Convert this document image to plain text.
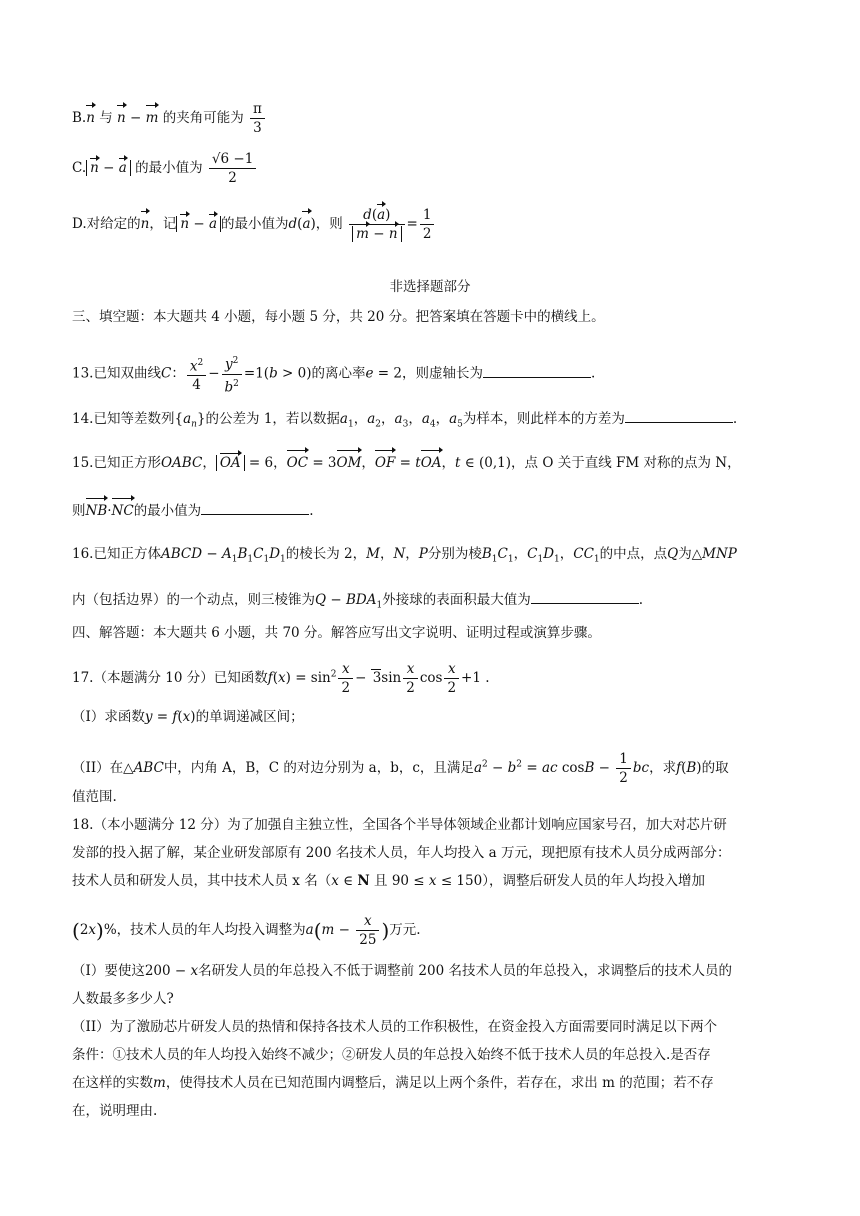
B.n 与 n − m 的夹角可能为 $\frac{\pi}{3}$
C. n − a 的最小值为 $\frac{√6 -1}{2}$
D.对给定的n，记 n − a 的最小值为d(a)，则 $\frac{d(a)}{m - n} = \frac{1}{2}$
非选择题部分
三、填空题：本大题共 4 小题，每小题 5 分，共 20 分。把答案填在答题卡中的横线上。
13.已知双曲线C： $\frac{x^2}{4} - \frac{y^2}{b^2} =1(b > 0)$的离心率e = 2，则虚轴长为	.
14.已知等差数列$\{a_n\}$的公差为 1，若以数据$a_1$，$a_2$，$a_3$，$a_4$，$a_5$为样本，则此样本的方差为	.
15.已知正方形OABC， OA = 6，OC = 3OM，OF = tOA，t ∈ (0,1)，点 O 关于直线 FM 对称的点为 N，
则NB·NC的最小值为	.
16.已知正方体ABCD − $A_1B_1C_1D_1$的棱长为 2，M，N，P分别为棱$B_1C_1$，$C_1D_1$，$CC_1$的中点，点Q为△MNP
内（包括边界）的一个动点，则三棱锥为$Q - BDA_1$外接球的表面积最大值为	.
四、解答题：本大题共 6 小题，共 70 分。解答应写出文字说明、证明过程或演算步骤。
17.（本题满分 10 分）已知函数$f(x) = \sin^2 \frac{x}{2} - 3\sin \frac{x}{2}$ $\cos \frac{x}{2} +1$ .
（I）求函数y = f(x)的单调递减区间；
（II）在△ABC中，内角 A，B，C 的对边分别为 a，b，c，且满足$a^2 - b^2$ = ac $\cos B - \frac{1}{2}$ bc，求f(B)的取
值范围.
18.（本小题满分 12 分）为了加强自主独立性，全国各个半导体领域企业都计划响应国家号召，加大对芯片研
发部的投入据了解，某企业研发部原有 200 名技术人员，年人均投入 a 万元，现把原有技术人员分成两部分：
技术人员和研发人员，其中技术人员 x 名（x ∈ N 且 90 ≤ x ≤ 150），调整后研发人员的年人均投入增加
(2x)%，技术人员的年人均投入调整为$a(m - \frac{x}{25}$ )万元.
（I）要使这200 − x名研发人员的年总投入不低于调整前 200 名技术人员的年总投入，求调整后的技术人员的
人数最多多少人?
（II）为了激励芯片研发人员的热情和保持各技术人员的工作积极性，在资金投入方面需要同时满足以下两个
条件：①技术人员的年人均投入始终不减少；②研发人员的年总投入始终不低于技术人员的年总投入.是否存
在这样的实数m，使得技术人员在已知范围内调整后，满足以上两个条件，若存在，求出 m 的范围；若不存
在，说明理由.
